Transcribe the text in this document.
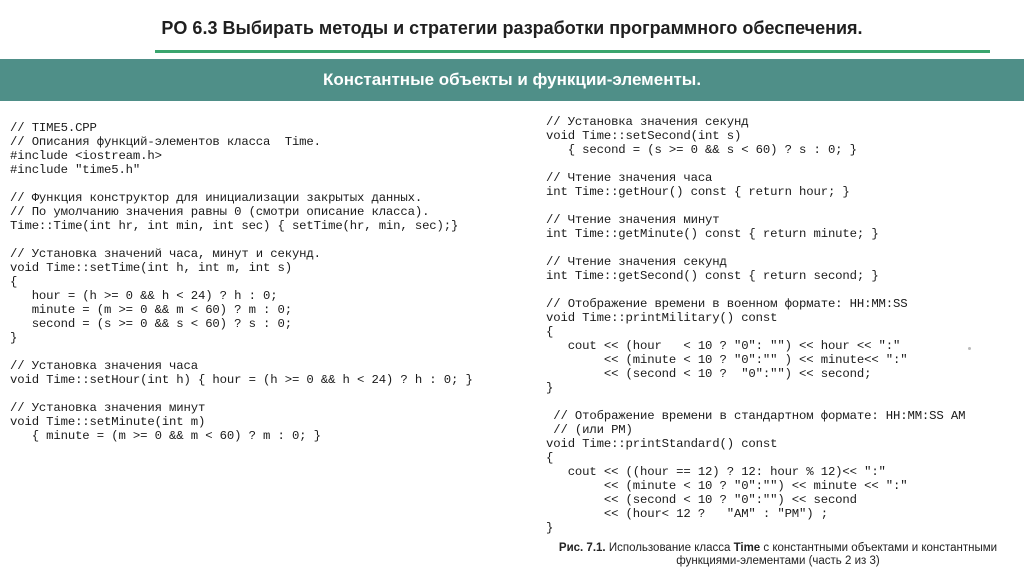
PO 6.3 Выбирать методы и стратегии разработки программного обеспечения.
Константные объекты и функции-элементы.
// TIME5.CPP
// Описания функций-элементов класса  Time.
#include <iostream.h>
#include "time5.h"
// Функция конструктор для инициализации закрытых данных.
// По умолчанию значения равны 0 (смотри описание класса).
Time::Time(int hr, int min, int sec) { setTime(hr, min, sec);}
// Установка значений часа, минут и секунд.
void Time::setTime(int h, int m, int s)
{
hour = (h >= 0 && h < 24) ? h : 0;
minute = (m >= 0 && m < 60) ? m : 0;
second = (s >= 0 && s < 60) ? s : 0;
}
// Установка значения часа
void Time::setHour(int h) { hour = (h >= 0 && h < 24) ? h : 0; }
// Установка значения минут
void Time::setMinute(int m)
{ minute = (m >= 0 && m < 60) ? m : 0; }
// Установка значения секунд
void Time::setSecond(int s)
{ second = (s >= 0 && s < 60) ? s : 0; }
// Чтение значения часа
int Time::getHour() const { return hour; }
// Чтение значения минут
int Time::getMinute() const { return minute; }
// Чтение значения секунд
int Time::getSecond() const { return second; }
// Отображение времени в военном формате: HH:MM:SS
void Time::printMilitary() const
{
cout << (hour   < 10 ? "0": "") << hour << ":"
<< (minute < 10 ? "0":"" ) << minute<< ":"
<< (second < 10 ?  "0":"") << second;
}
// Отображение времени в стандартном формате: HH:MM:SS AM
// (или PM)
void Time::printStandard() const
{
cout << ((hour == 12) ? 12: hour % 12)<< ":"
<< (minute < 10 ? "0":"") << minute << ":"
<< (second < 10 ? "0":"") << second
<< (hour< 12 ?   "AM" : "PM") ;
}
Рис. 7.1. Использование класса Time с константными объектами и константными функциями-элементами (часть 2 из 3)
